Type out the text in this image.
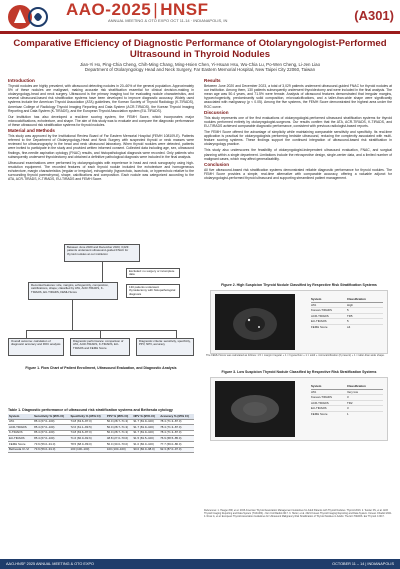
AAO-2025 | HNSF
ANNUAL MEETING & OTO EXPO OCT 11-14 · INDIANAPOLIS, IN	(A301)
Comparative Efficiency of Diagnostic Performance of Otolaryngologist-Performed Ultrasound in Thyroid Nodules
Jian-Yi Ho, Ping-Chia Cheng, Chih-Ming Chang, Ming-Hsien Chen, Yi-Hsuan Hsu, Wu-Chia Lu, Po-Wen Cheng, Li-Jen Liao
Department of Otolaryngology Head and Neck Surgery, Far Eastern Memorial Hospital, New Taipei City 22060, Taiwan
Introduction
Thyroid nodules are highly prevalent, with ultrasound detecting nodules in 20–60% of the general population. Approximately 5% of these nodules are malignant, making accurate risk stratification essential for clinical decision-making in otolaryngology-head and neck surgery. Ultrasound is the primary imaging tool for evaluating nodule characteristics, and several ultrasound-based risk stratification systems have been developed to improve diagnostic accuracy. Widely used systems include the American Thyroid Association (ATA) guidelines, the Korean Society of Thyroid Radiology (K-TIRADS), American College of Radiology Thyroid Imaging Reporting and Data System (ACR-TIRADS), the Korean Thyroid Imaging Reporting and Data System (K-TIRADS), and the European Thyroid Association system (EU-TIRADS).
Our institution has also developed a real-time scoring system, the FEMH Score, which incorporates major microcalcifications, echotexture, and shape. The aim of this study was to evaluate and compare the diagnostic performance of these ultrasound risk stratification systems for thyroid nodules.
Material and Methods
This study was approved by the Institutional Review Board of Far Eastern Memorial Hospital (FEMH 108109-E). Patients referred to the Department of Otolaryngology-Head and Neck Surgery with suspected thyroid or neck masses were reviewed for ultrasonography in the head and neck ultrasound laboratory. When thyroid nodules were detected, patients were invited to participate in the study and provided written informed consent. Collected data including age, sex, ultrasound findings, fine-needle aspiration cytology (FNAC) results, and histopathological diagnosis were recorded. Only patients who subsequently underwent thyroidectomy and obtained a definitive pathological diagnosis were included in the final analysis.
Ultrasound examinations were performed by otolaryngologists with experience in head and neck sonography using high-resolution equipment. The recorded features of each thyroid nodule included the echotexture and homogeneous echotexture, margin characteristics (regular or irregular), echogenicity (hypoechoic, isoechoic, or hyperechoic relative to the surrounding thyroid parenchyma), shape, calcifications and composition. Each nodule was categorized according to the ATA, ACR-TIRADS, K-TIRADS, EU-TIRADS and FEMH Score.
Between June 2020 and December 2023, 3,029 patients underwent ultrasound-guided FNAC for thyroid nodules at our institution
Excluded: no surgery or incomplete data
Recorded features: size, margins, echogenicity, composition, calcifications, shape; classified by ATA, ACR-TIRADS, K-TIRADS, EU-TIRADS, FEMH Score
130 patients underwent thyroidectomy with histopathological diagnosis
Overall outcome: calculation of diagnostic accuracy and ROC analysis
Diagnostic performance: comparison of ATA, ACR-TIRADS, K-TIRADS, EU-TIRADS and FEMH Score
Diagnostic criteria: sensitivity, specificity, PPV, NPV, accuracy
Figure 1. Flow Chart of Patient Enrollment, Ultrasound Evaluation, and Diagnostic Analysis
Table 1. Diagnostic performance of ultrasound risk stratification systems and Bethesda cytology
System	Sensitivity % (95% CI)	Specificity % (95% CI)	PPV % (95% CI)	NPV % (95% CI)	Accuracy % (95% CI)
ATA	85.4 (67.0–100)	74.8 (63.6–87.0)	50.0 (28.7–71.3)	91.7 (81.9–100)	78.4 (71.3–87.0)
ACR-TIRADS	85.4 (67.0–100)	72.6 (61.1–83.5)	50.0 (28.7–71.3)	91.7 (81.9–100)	78.4 (71.3–87.0)
K-TIRADS	85.4 (67.0–100)	74.8 (63.6–87.0)	50.0 (28.7–71.3)	91.7 (81.9–100)	78.4 (71.3–87.0)
EU-TIRADS	85.4 (67.0–100)	71.6 (60.0–82.6)	48.8 (27.0–70.6)	91.5 (81.5–100)	76.9 (68.5–85.0)
FEMH Score	73.9 (56.0–91.0)	78.5 (68.0–89.0)	50.0 (30.0–70.0)	91.0 (82.0–100)	77.7 (69.0–86.0)
Bethesda IV–VI	73.9 (56.0–91.0)	100 (100–100)	100 (100–100)	90.0 (82.0–98.0)	92.3 (87.0–97.0)
Results
Between June 2020 and December 2023, a total of 3,029 patients underwent ultrasound-guided FNAC for thyroid nodules at our institution. Among them, 130 patients subsequently underwent thyroidectomy and were included in the final analysis. The mean age was 50.4 years, and 71.5% were female. Analysis of ultrasound features demonstrated that irregular margins, hypoechogenicity, predominantly solid composition, microcalcifications, and a taller-than-wide shape were significantly associated with malignancy (p < 0.05). Among the five systems, the FEMH Score demonstrated the highest area under the ROC curve.
Discussion
This study represents one of the first evaluations of otolaryngologist-performed ultrasound stratification systems for thyroid nodules performed entirely by otolaryngologist-surgeons. Our results confirm that the ATA, ACR-TIRADS, K-TIRADS, and EU-TIRADS achieved comparable diagnostic performance, consistent with previous radiologist-based reports.
The FEMH Score offered the advantage of simplicity while maintaining comparable sensitivity and specificity. Its real-time application is practical for otolaryngologists performing bedside ultrasound, reducing the complexity associated with multi-feature scoring systems. These findings support the continued integration of ultrasound-based risk stratification in otolaryngology practice.
This study also underscores the feasibility of otolaryngologist-independent ultrasound evaluation, FNAC, and surgical planning within a single department. Limitations include the retrospective design, single-center data, and a limited number of malignant cases, which may affect generalizability.
Conclusion
All five ultrasound-based risk stratification systems demonstrated reliable diagnostic performance for thyroid nodules. The FEMH Score provides a simple, real-time alternative with comparable accuracy, offering a valuable adjunct for otolaryngologist-performed thyroid ultrasound and supporting streamlined patient management.
Figure 2. High Suspicion Thyroid Nodule Classified by Respective Risk Stratification Systems
System	Classification
ATA	High
Korean-TIRADS	5
ACR-TIRADS	TR5
EU-TIRADS	5
FEMH Score	≥4
The FEMH Score was calculated as follows: 1.5 × margin irregular + 1 × hypoechoic + 1 × solid + microcalcification (if present) + 1 × taller-than-wide shape.
Figure 3. Low Suspicion Thyroid Nodule Classified by Respective Risk Stratification Systems
System	Classification
ATA	Very low
Korean-TIRADS	3
ACR-TIRADS	TR2
EU-TIRADS	3
FEMH Score	1
References: 1. Haugen BR, et al. 2015 American Thyroid Association Management Guidelines for Adult Patients with Thyroid Nodules. Thyroid 2016. 2. Tessler FN, et al. ACR Thyroid Imaging Reporting and Data System (TI-RADS). J Am Coll Radiol 2017. 3. Ha EJ, et al. 2021 Korean Thyroid Imaging Reporting and Data System. Korean J Radiol 2021. 4. Russ G, et al. European Thyroid Association Guidelines for Ultrasound Malignancy Risk Stratification of Thyroid Nodules in Adults: The EU-TIRADS. Eur Thyroid J 2017.
AAO-HNSF 2025 ANNUAL MEETING & OTO EXPO	OCTOBER 11 – 14 | INDIANAPOLIS
